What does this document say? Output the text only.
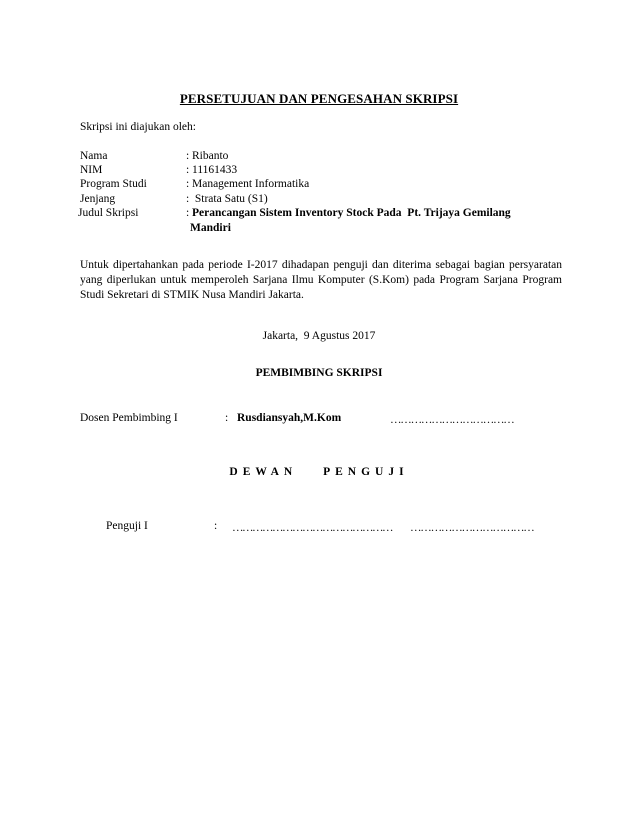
PERSETUJUAN DAN PENGESAHAN SKRIPSI
Skripsi ini diajukan oleh:
Nama	: Ribanto
NIM	: 11161433
Program Studi	: Management Informatika
Jenjang	: Strata Satu (S1)
Judul Skripsi	: Perancangan Sistem Inventory Stock Pada  Pt. Trijaya Gemilang
Mandiri
Untuk dipertahankan pada periode I-2017 dihadapan penguji dan diterima sebagai bagian persyaratan yang diperlukan untuk memperoleh Sarjana Ilmu Komputer (S.Kom) pada Program Sarjana Program Studi Sekretari di STMIK Nusa Mandiri Jakarta.
Jakarta,  9 Agustus 2017
PEMBIMBING SKRIPSI
Dosen Pembimbing I	: Rusdiansyah,M.Kom	………………………………
DEWAN PENGUJI
Penguji I	: ………………………………………… ………………………………
